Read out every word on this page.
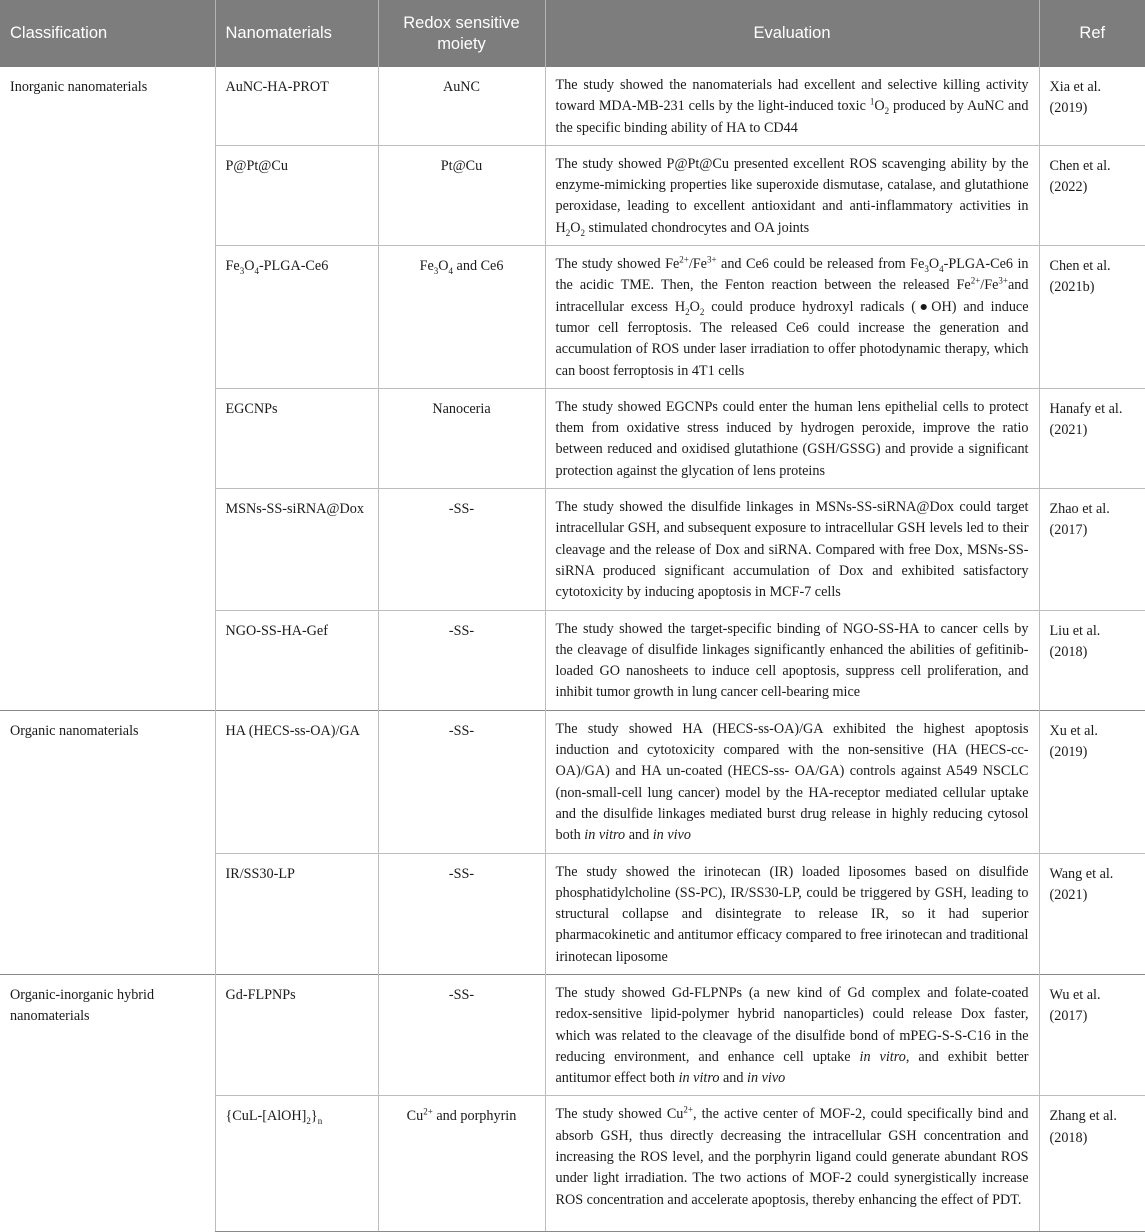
Classification	Nanomaterials	Redox sensitive moiety	Evaluation	Ref
Inorganic nanomaterials	AuNC-HA-PROT	AuNC	The study showed the nanomaterials had excellent and selective killing activity toward MDA-MB-231 cells by the light-induced toxic $^1O_2$ produced by AuNC and the specific binding ability of HA to CD44	Xia et al. (2019)
	P@Pt@Cu	Pt@Cu	The study showed P@Pt@Cu presented excellent ROS scavenging ability by the enzyme-mimicking properties like superoxide dismutase, catalase, and glutathione peroxidase, leading to excellent antioxidant and anti-inflammatory activities in $H_2O_2$ stimulated chondrocytes and OA joints	Chen et al. (2022)
	$Fe_3O_4-PLGA-Ce6$	$Fe_3O_4$ and Ce6	The study showed $Fe^{2+}/Fe^{3+}$ and Ce6 could be released from $Fe_3O_4-PLGA-Ce6$ in the acidic TME. Then, the Fenton reaction between the released $Fe^{2+}/Fe^{3+}and$ intracellular excess $H_2O_2$ could produce hydroxyl radicals (●OH) and induce tumor cell ferroptosis. The released Ce6 could increase the generation and accumulation of ROS under laser irradiation to offer photodynamic therapy, which can boost ferroptosis in 4T1 cells	Chen et al. (2021b)
	EGCNPs	Nanoceria	The study showed EGCNPs could enter the human lens epithelial cells to protect them from oxidative stress induced by hydrogen peroxide, improve the ratio between reduced and oxidised glutathione (GSH/GSSG) and provide a significant protection against the glycation of lens proteins	Hanafy et al. (2021)
	MSNs-SS-siRNA@Dox	-SS-	The study showed the disulfide linkages in MSNs-SS-siRNA@Dox could target intracellular GSH, and subsequent exposure to intracellular GSH levels led to their cleavage and the release of Dox and siRNA. Compared with free Dox, MSNs-SS-siRNA produced significant accumulation of Dox and exhibited satisfactory cytotoxicity by inducing apoptosis in MCF-7 cells	Zhao et al. (2017)
	NGO-SS-HA-Gef	-SS-	The study showed the target-specific binding of NGO-SS-HA to cancer cells by the cleavage of disulfide linkages significantly enhanced the abilities of gefitinib-loaded GO nanosheets to induce cell apoptosis, suppress cell proliferation, and inhibit tumor growth in lung cancer cell-bearing mice	Liu et al. (2018)
Organic nanomaterials	HA (HECS-ss-OA)/GA	-SS-	The study showed HA (HECS-ss-OA)/GA exhibited the highest apoptosis induction and cytotoxicity compared with the non-sensitive (HA (HECS-cc-OA)/GA) and HA un-coated (HECS-ss- OA/GA) controls against A549 NSCLC (non-small-cell lung cancer) model by the HA-receptor mediated cellular uptake and the disulfide linkages mediated burst drug release in highly reducing cytosol both in vitro and in vivo	Xu et al. (2019)
	IR/SS30-LP	-SS-	The study showed the irinotecan (IR) loaded liposomes based on disulfide phosphatidylcholine (SS-PC), IR/SS30-LP, could be triggered by GSH, leading to structural collapse and disintegrate to release IR, so it had superior pharmacokinetic and antitumor efficacy compared to free irinotecan and traditional irinotecan liposome	Wang et al. (2021)
Organic-inorganic hybrid nanomaterials	Gd-FLPNPs	-SS-	The study showed Gd-FLPNPs (a new kind of Gd complex and folate-coated redox-sensitive lipid-polymer hybrid nanoparticles) could release Dox faster, which was related to the cleavage of the disulfide bond of mPEG-S-S-C16 in the reducing environment, and enhance cell uptake in vitro, and exhibit better antitumor effect both in vitro and in vivo	Wu et al. (2017)
	$\{CuL-[AlOH]_2\}_n$	$Cu^{2+}$ and porphyrin	The study showed $Cu^{2+}$, the active center of MOF-2, could specifically bind and absorb GSH, thus directly decreasing the intracellular GSH concentration and increasing the ROS level, and the porphyrin ligand could generate abundant ROS under light irradiation. The two actions of MOF-2 could synergistically increase ROS concentration and accelerate apoptosis, thereby enhancing the effect of PDT.	Zhang et al. (2018)
